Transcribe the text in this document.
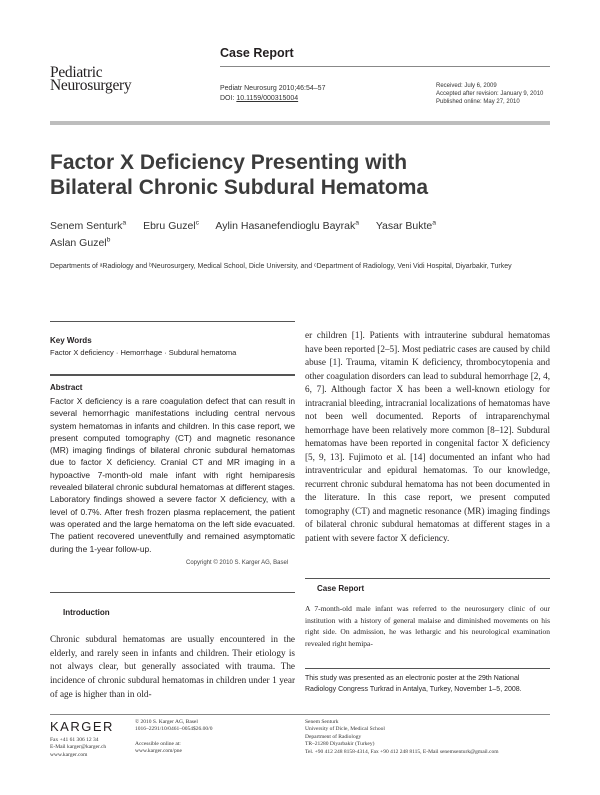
Case Report
Pediatric
Neurosurgery	Pediatr Neurosurg 2010;46:54–57
DOI: 10.1159/000315004
Received: July 6, 2009
Accepted after revision: January 9, 2010
Published online: May 27, 2010
Factor X Deficiency Presenting with
Bilateral Chronic Subdural Hematoma
Senem Senturk$^a$ Ebru Guzel$^c$ Aylin Hasanefendioglu Bayrak$^a$ Yasar Bukte$^a$
Aslan Guzel$^b$
Departments of ᵃRadiology and ᵇNeurosurgery, Medical School, Dicle University, and ᶜDepartment of Radiology, Veni Vidi Hospital, Diyarbakir, Turkey
Key Words
Factor X deficiency · Hemorrhage · Subdural hematoma
Abstract
Factor X deficiency is a rare coagulation defect that can result in several hemorrhagic manifestations including central nervous system hematomas in infants and children. In this case report, we present computed tomography (CT) and magnetic resonance (MR) imaging findings of bilateral chronic subdural hematomas due to factor X deficiency. Cranial CT and MR imaging in a hypoactive 7-month-old male infant with right hemiparesis revealed bilateral chronic subdural hematomas at different stages. Laboratory findings showed a severe factor X deficiency, with a level of 0.7%. After fresh frozen plasma replacement, the patient was operated and the large hematoma on the left side evacuated. The patient recovered uneventfully and remained asymptomatic during the 1-year follow-up.
Copyright © 2010 S. Karger AG, Basel
Introduction
Chronic subdural hematomas are usually encountered in the elderly, and rarely seen in infants and children. Their etiology is not always clear, but generally associated with trauma. The incidence of chronic subdural hematomas in children under 1 year of age is higher than in old-
er children [1]. Patients with intrauterine subdural hematomas have been reported [2–5]. Most pediatric cases are caused by child abuse [1]. Trauma, vitamin K deficiency, thrombocytopenia and other coagulation disorders can lead to subdural hemorrhage [2, 4, 6, 7]. Although factor X has been a well-known etiology for intracranial bleeding, intracranial localizations of hematomas have not been well documented. Reports of intraparenchymal hemorrhage have been relatively more common [8–12]. Subdural hematomas have been reported in congenital factor X deficiency [5, 9, 13]. Fujimoto et al. [14] documented an infant who had intraventricular and epidural hematomas. To our knowledge, recurrent chronic subdural hematoma has not been documented in the literature. In this case report, we present computed tomography (CT) and magnetic resonance (MR) imaging findings of bilateral chronic subdural hematomas at different stages in a patient with severe factor X deficiency.
Case Report
A 7-month-old male infant was referred to the neurosurgery clinic of our institution with a history of general malaise and diminished movements on his right side. On admission, he was lethargic and his neurological examination revealed right hemipa-
This study was presented as an electronic poster at the 29th National Radiology Congress Turkrad in Antalya, Turkey, November 1–5, 2008.
KARGER
Fax +41 61 306 12 34
E-Mail karger@karger.ch
www.karger.com
© 2010 S. Karger AG, Basel
1016–2291/10/0461–0054$26.00/0
Accessible online at:
www.karger.com/pne
Senem Senturk
University of Dicle, Medical School
Department of Radiology
TR–21280 Diyarbakir (Turkey)
Tel. +90 412 248 8158-4314, Fax +90 412 248 8115, E-Mail senemsenturk@gmail.com
